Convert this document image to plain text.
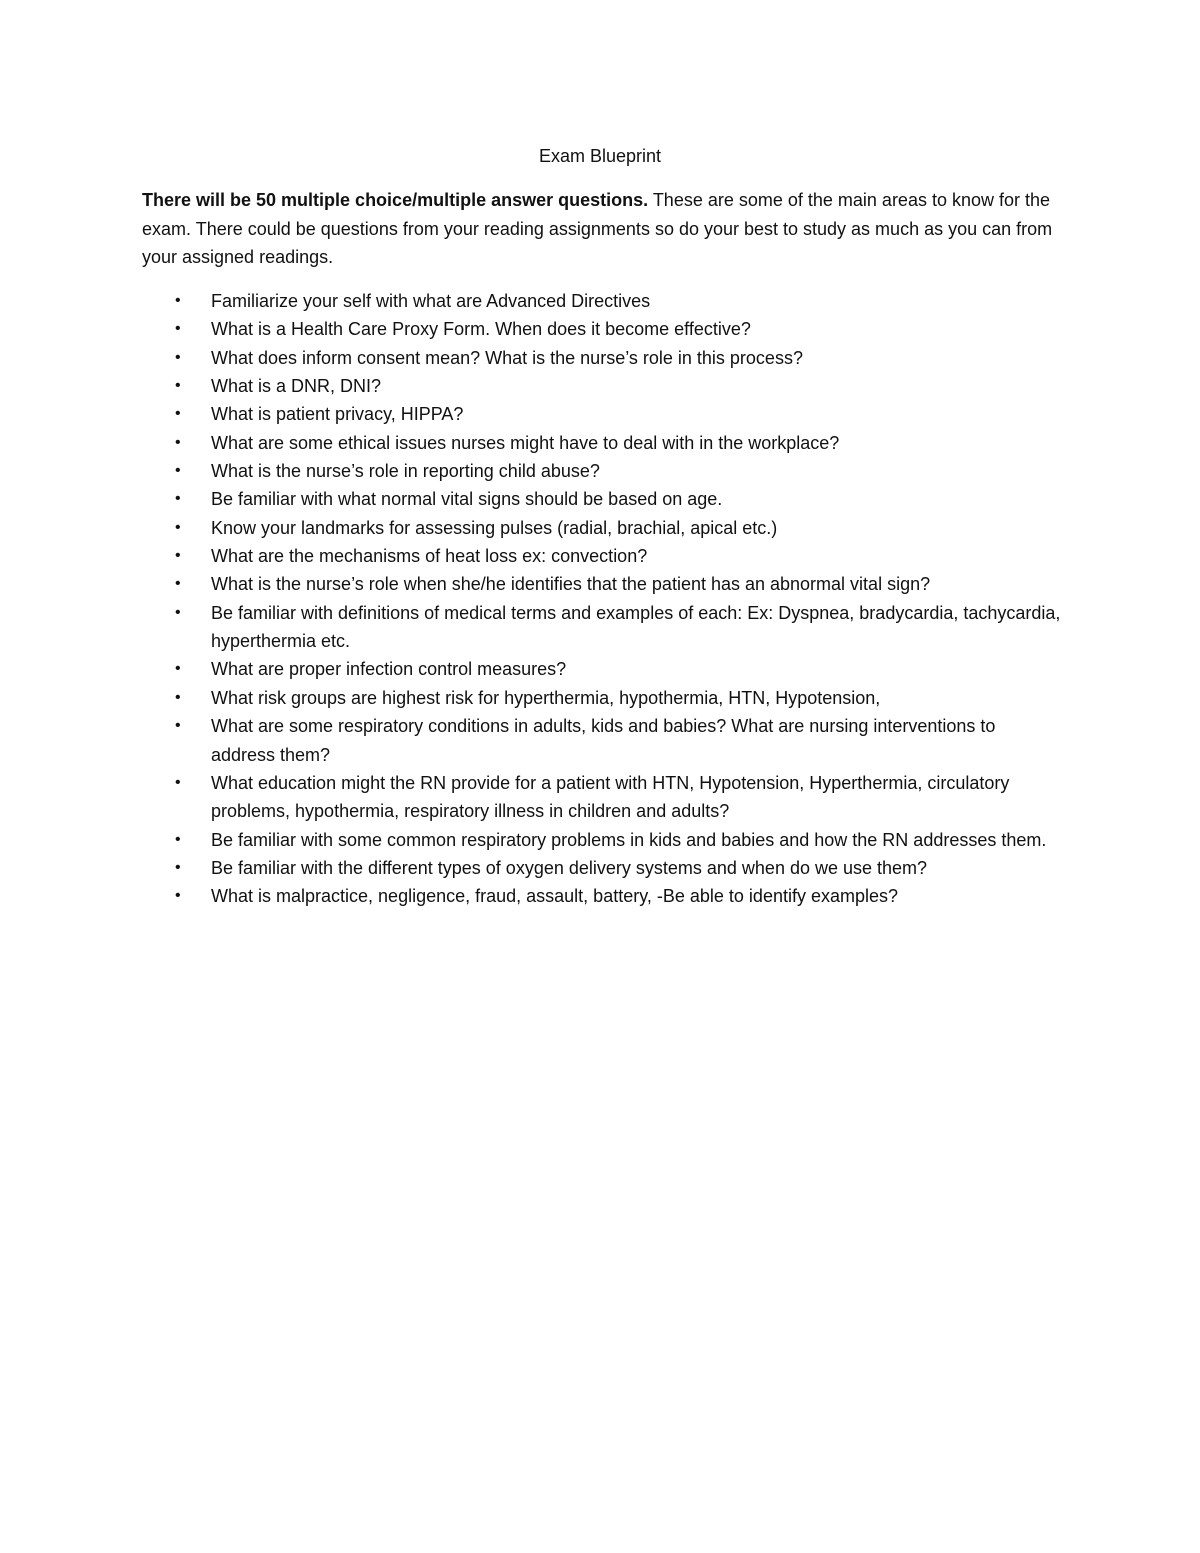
Exam Blueprint

There will be 50 multiple choice/multiple answer questions. These are some of the main areas to know for the exam. There could be questions from your reading assignments so do your best to study as much as you can from your assigned readings.

• Familiarize your self with what are Advanced Directives
• What is a Health Care Proxy Form. When does it become effective?
• What does inform consent mean? What is the nurse’s role in this process?
• What is a DNR, DNI?
• What is patient privacy, HIPPA?
• What are some ethical issues nurses might have to deal with in the workplace?
• What is the nurse’s role in reporting child abuse?
• Be familiar with what normal vital signs should be based on age.
• Know your landmarks for assessing pulses (radial, brachial, apical etc.)
• What are the mechanisms of heat loss ex: convection?
• What is the nurse’s role when she/he identifies that the patient has an abnormal vital sign?
• Be familiar with definitions of medical terms and examples of each: Ex: Dyspnea, bradycardia, tachycardia, hyperthermia etc.
• What are proper infection control measures?
• What risk groups are highest risk for hyperthermia, hypothermia, HTN, Hypotension,
• What are some respiratory conditions in adults, kids and babies? What are nursing interventions to address them?
• What education might the RN provide for a patient with HTN, Hypotension, Hyperthermia, circulatory problems, hypothermia, respiratory illness in children and adults?
• Be familiar with some common respiratory problems in kids and babies and how the RN addresses them.
• Be familiar with the different types of oxygen delivery systems and when do we use them?
• What is malpractice, negligence, fraud, assault, battery, -Be able to identify examples?
